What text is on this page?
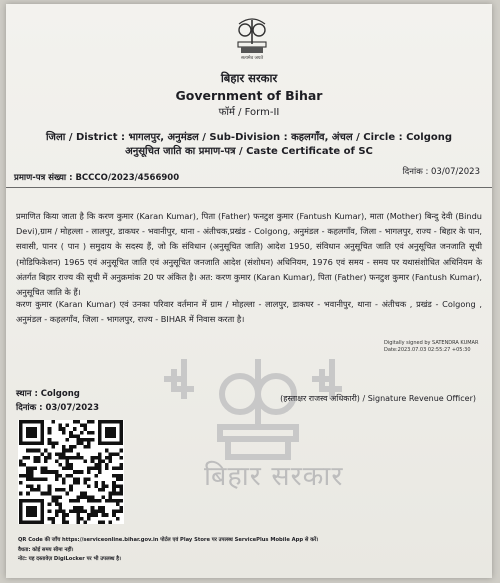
सत्यमेव जयते
बिहार सरकार
Government of Bihar
फॉर्म / Form-II
जिला / District : भागलपुर, अनुमंडल / Sub-Division : कहलगाँव, अंचल / Circle : Colgong
अनुसूचित जाति का प्रमाण-पत्र / Caste Certificate of SC
प्रमाण-पत्र संख्या : BCCCO/2023/4566900
दिनांक : 03/07/2023
बिहार सरकार
प्रमाणित किया जाता है कि करण कुमार (Karan Kumar), पिता (Father) फनटुश कुमार (Fantush Kumar), माता (Mother) बिन्दु देवी (Bindu Devi),ग्राम / मोहल्ला - लालपुर, डाकघर - भवानीपुर, थाना - अंतीचक,प्रखंड - Colgong, अनुमंडल - कहलगाँव, जिला - भागलपुर, राज्य - बिहार के पान, सवासी, पानर ( पान ) समुदाय के सदस्य हैं, जो कि संविधान (अनुसूचित जाति) आदेश 1950, संविधान अनुसूचित जाति एवं अनुसूचित जनजाति सूची (मोडिफिकेशन) 1965 एवं अनुसूचित जाति एवं अनुसूचित जनजाति आदेश (संशोधन) अधिनियम, 1976 एवं समय - समय पर यथासंशोधित अधिनियम के अंतर्गत बिहार राज्य की सूची में अनुक्रमांक 20 पर अंकित है। अत: करण कुमार (Karan Kumar), पिता (Father) फनटुश कुमार (Fantush Kumar), अनुसूचित जाति के हैं।
करण कुमार (Karan Kumar) एवं उनका परिवार वर्तमान में ग्राम / मोहल्ला - लालपुर, डाकघर - भवानीपुर, थाना - अंतीचक , प्रखंड - Colgong , अनुमंडल - कहलगाँव, जिला - भागलपुर, राज्य - BIHAR में निवास करता है।
Digitally signed by SATENDRA KUMAR
Date:2023.07.03 02:55:27 +05:30
स्थान : Colgong
दिनांक : 03/07/2023
(हस्ताक्षर राजस्व अधिकारी) / Signature Revenue Officer)
QR Code की जाँच https://serviceonline.bihar.gov.in पोर्टल एवं Play Store पर उपलब्ध ServicePlus Mobile App से करें।
वैधता: कोई समय सीमा नहीं।
नोट: यह दस्तावेज़ DigiLocker पर भी उपलब्ध है।
